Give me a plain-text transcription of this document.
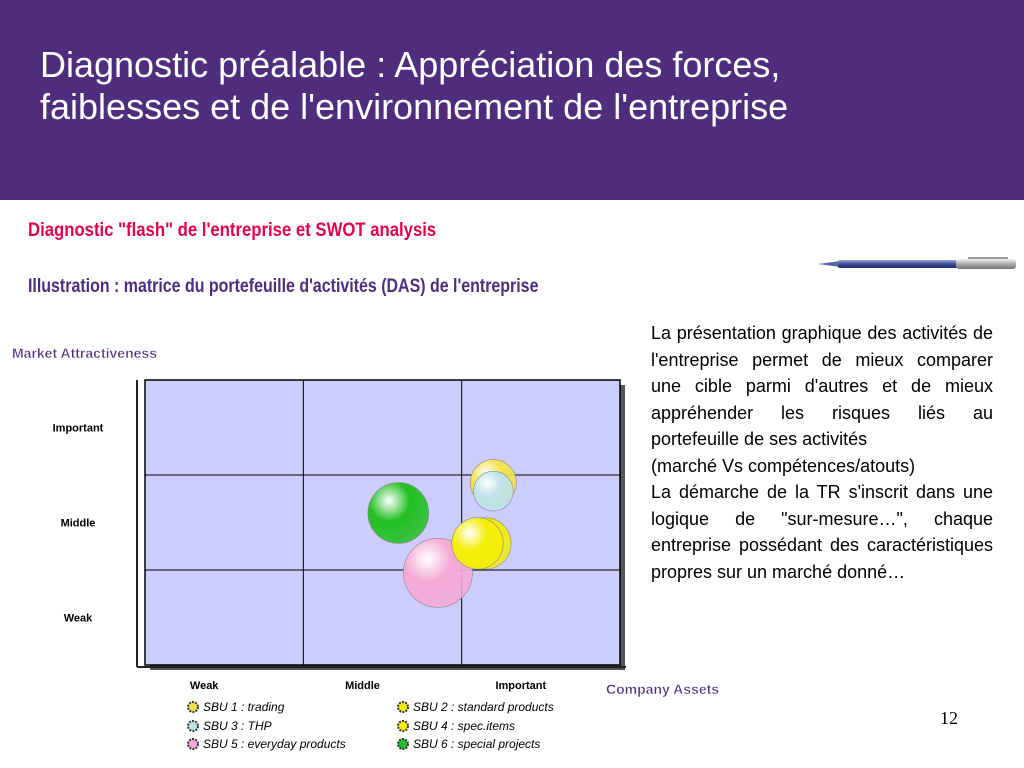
Diagnostic préalable : Appréciation des forces, faiblesses et de l'environnement de l'entreprise
Diagnostic "flash" de l'entreprise et SWOT analysis
Illustration : matrice du portefeuille d'activités (DAS) de l'entreprise

La présentation graphique des activités de l'entreprise permet de mieux comparer une cible parmi d'autres et de mieux appréhender les risques liés au portefeuille de ses activités

(marché Vs compétences/atouts)

La démarche de la TR s'inscrit dans une logique de "sur-mesure…", chaque entreprise possédant des caractéristiques propres sur un marché donné…

Market Attractiveness
Company Assets
Weak
Middle
Important
Weak	Middle	Important
SBU 1 : trading	SBU 2 : standard products
SBU 3 : THP	SBU 4 : spec.items
SBU 5 : everyday products	SBU 6 : special projects
12
